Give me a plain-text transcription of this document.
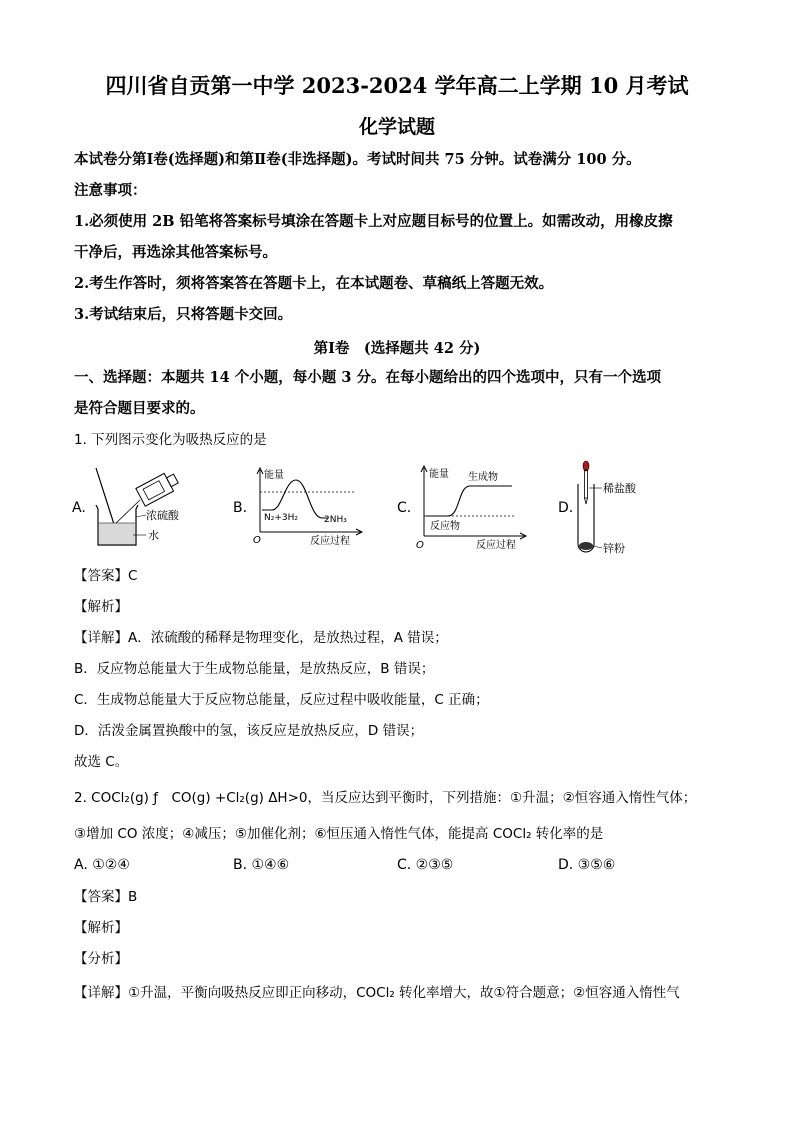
四川省自贡第一中学 2023-2024 学年高二上学期 10 月考试
化学试题
本试卷分第Ⅰ卷(选择题)和第Ⅱ卷(非选择题)。考试时间共 75 分钟。试卷满分 100 分。
注意事项：
1.必须使用 2B 铅笔将答案标号填涂在答题卡上对应题目标号的位置上。如需改动，用橡皮擦
干净后，再选涂其他答案标号。
2.考生作答时，须将答案答在答题卡上，在本试题卷、草稿纸上答题无效。
3.考试结束后，只将答题卡交回。
第Ⅰ卷　(选择题共 42 分)
一、选择题：本题共 14 个小题，每小题 3 分。在每小题给出的四个选项中，只有一个选项
是符合题目要求的。
1. 下列图示变化为吸热反应的是
A.	B.	C.	D.
浓硫酸
水
能量
O	反应过程
N₂+3H₂	2NH₃
能量
O	反应过程
反应物
生成物
稀盐酸
锌粉
【答案】C
【解析】
【详解】A．浓硫酸的稀释是物理变化，是放热过程，A 错误；
B．反应物总能量大于生成物总能量，是放热反应，B 错误；
C．生成物总能量大于反应物总能量，反应过程中吸收能量，C 正确；
D．活泼金属置换酸中的氢，该反应是放热反应，D 错误；
故选 C。
2. COCl₂(g) ƒ　CO(g) +Cl₂(g) ΔH>0，当反应达到平衡时，下列措施：①升温；②恒容通入惰性气体；
③增加 CO 浓度；④减压；⑤加催化剂；⑥恒压通入惰性气体，能提高 COCl₂ 转化率的是
A. ①②④	B. ①④⑥	C. ②③⑤	D. ③⑤⑥
【答案】B
【解析】
【分析】
【详解】①升温，平衡向吸热反应即正向移动，COCl₂ 转化率增大，故①符合题意；②恒容通入惰性气
